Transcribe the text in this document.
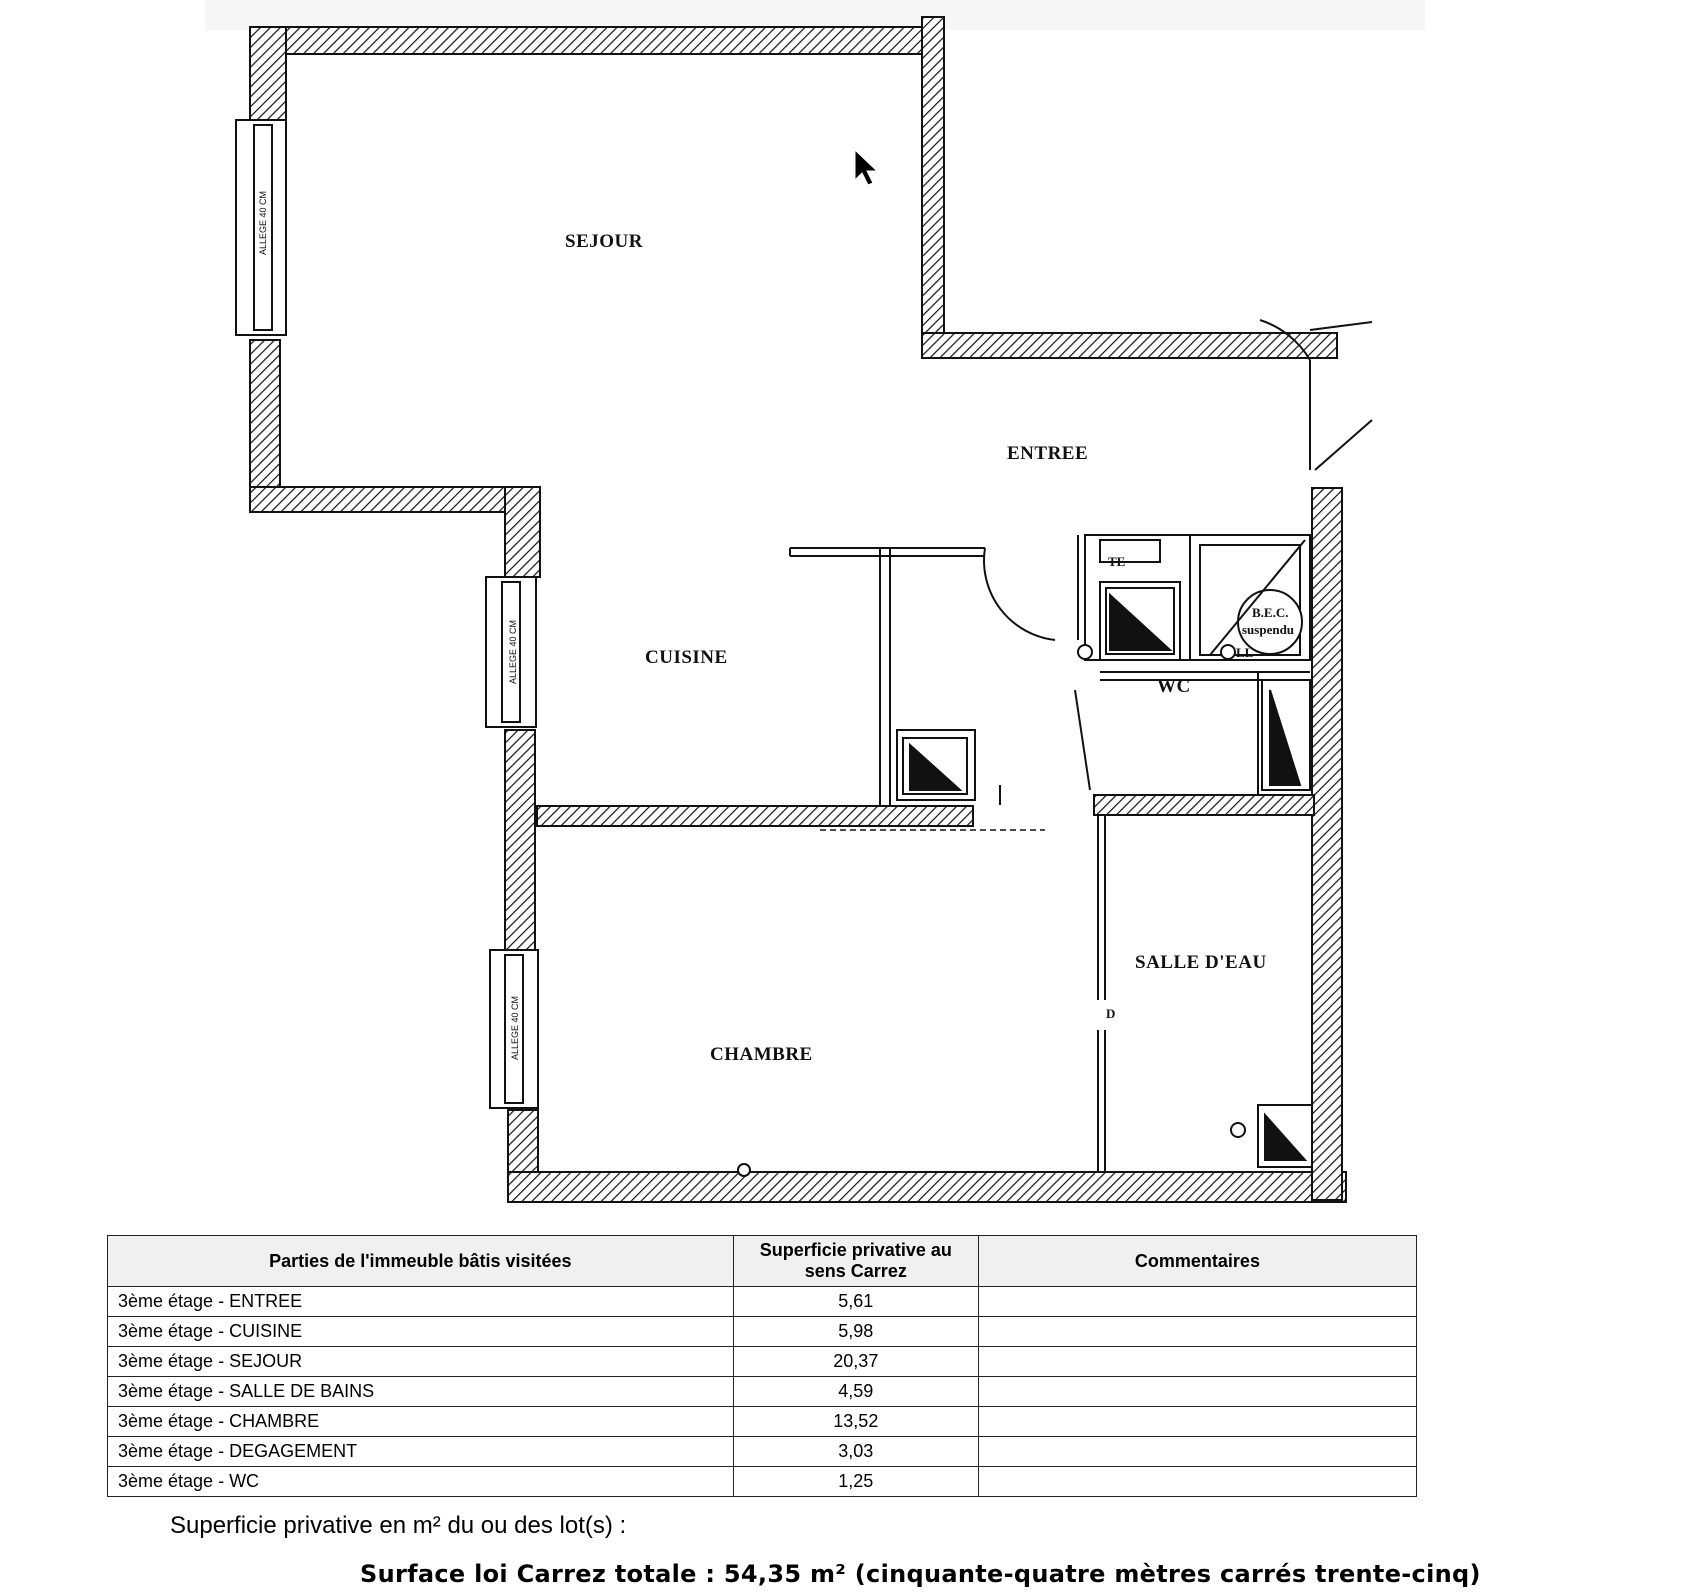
ALLEGE 40 CM
ALLEGE 40 CM
ALLEGE 40 CM
SEJOUR
ENTREE
CUISINE
CHAMBRE
SALLE D'EAU
WC
TE
B.E.C.
suspendu
LL
D
Parties de l'immeuble bâtis visitées	Superficie privative au sens Carrez	Commentaires
3ème étage - ENTREE	5,61	
3ème étage - CUISINE	5,98	
3ème étage - SEJOUR	20,37	
3ème étage - SALLE DE BAINS	4,59	
3ème étage - CHAMBRE	13,52	
3ème étage - DEGAGEMENT	3,03	
3ème étage - WC	1,25	
Superficie privative en m² du ou des lot(s) :
Surface loi Carrez totale : 54,35 m² (cinquante-quatre mètres carrés trente-cinq)
